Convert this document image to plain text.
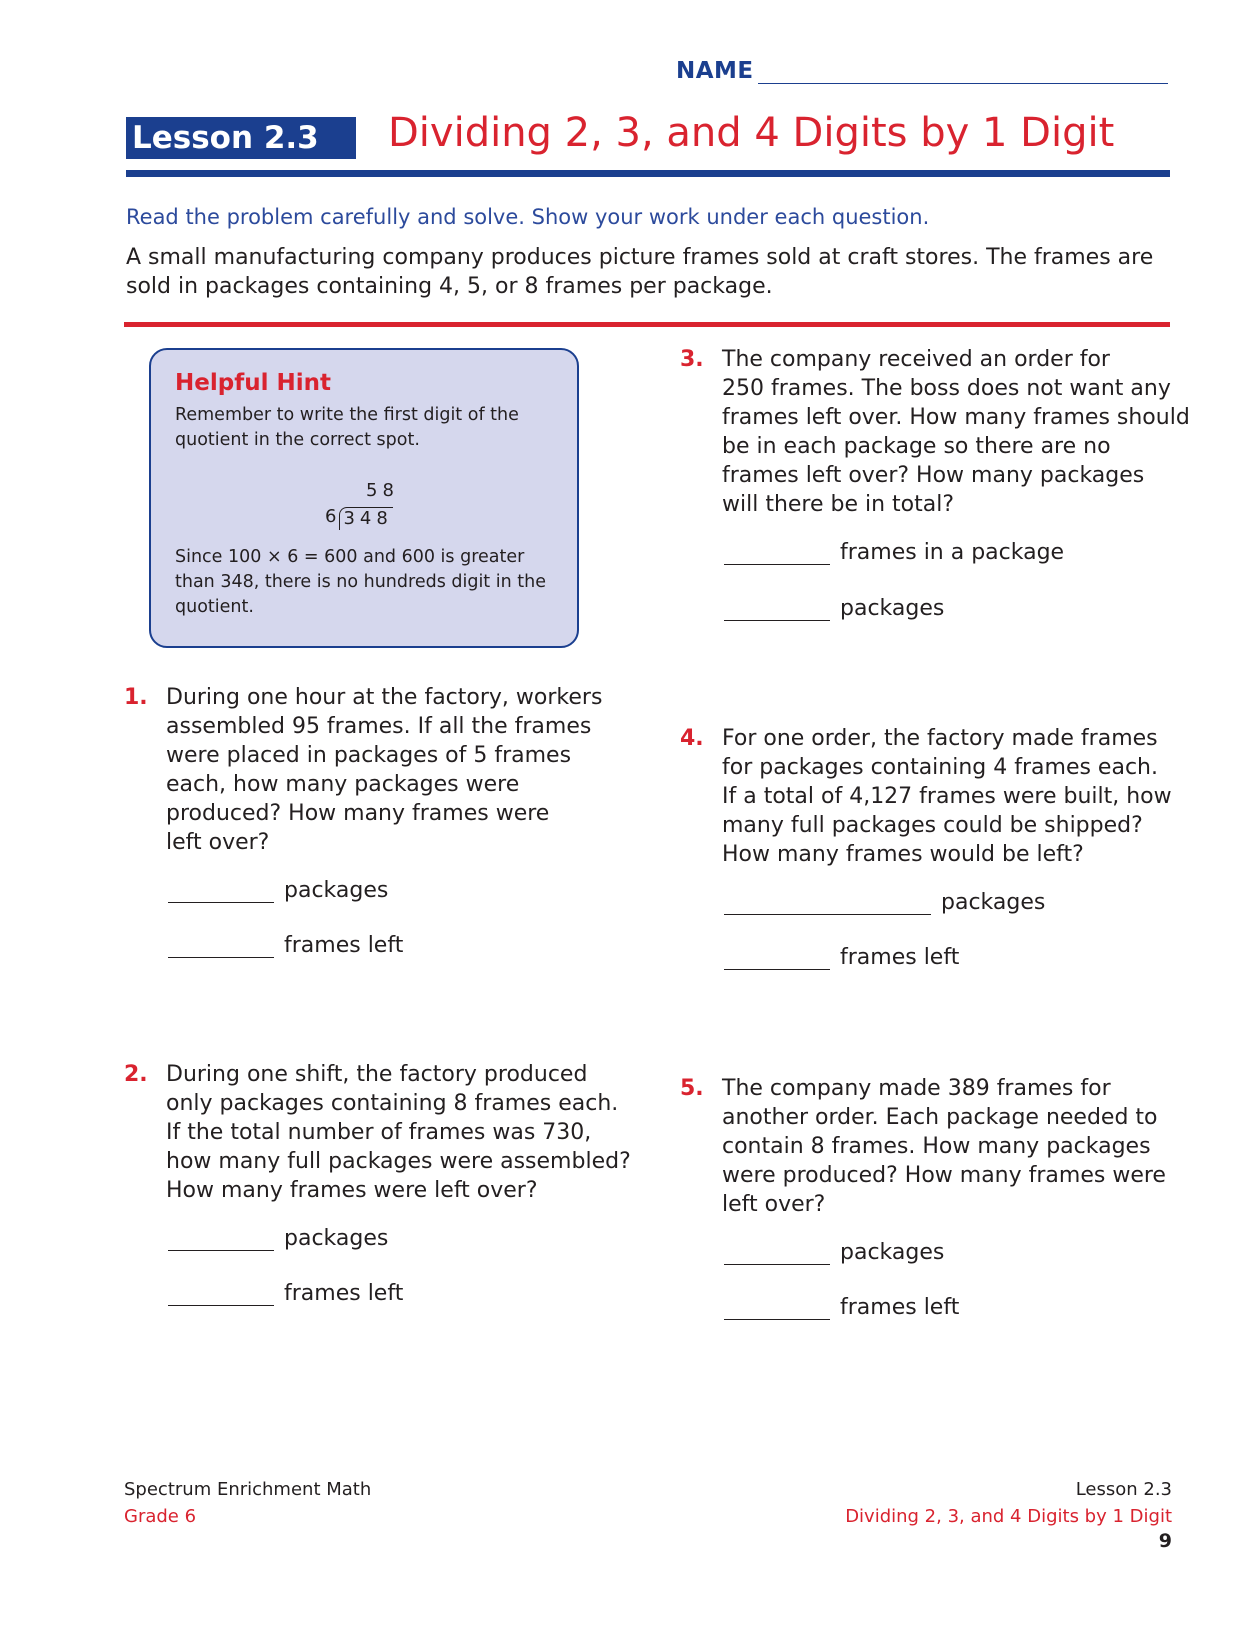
NAME
Lesson 2.3	Dividing 2, 3, and 4 Digits by 1 Digit
Read the problem carefully and solve. Show your work under each question.
A small manufacturing company produces picture frames sold at craft stores. The frames are sold in packages containing 4, 5, or 8 frames per package.
Helpful Hint
Remember to write the first digit of the quotient in the correct spot.
58
6 348
Since 100 × 6 = 600 and 600 is greater than 348, there is no hundreds digit in the quotient.
1. During one hour at the factory, workers
assembled 95 frames. If all the frames
were placed in packages of 5 frames
each, how many packages were
produced? How many frames were
left over?
packages
frames left
2. During one shift, the factory produced
only packages containing 8 frames each.
If the total number of frames was 730,
how many full packages were assembled?
How many frames were left over?
packages
frames left
3. The company received an order for
250 frames. The boss does not want any
frames left over. How many frames should
be in each package so there are no
frames left over? How many packages
will there be in total?
frames in a package
packages
4. For one order, the factory made frames
for packages containing 4 frames each.
If a total of 4,127 frames were built, how
many full packages could be shipped?
How many frames would be left?
packages
frames left
5. The company made 389 frames for
another order. Each package needed to
contain 8 frames. How many packages
were produced? How many frames were
left over?
packages
frames left
Spectrum Enrichment Math
Grade 6
Lesson 2.3
Dividing 2, 3, and 4 Digits by 1 Digit
9
